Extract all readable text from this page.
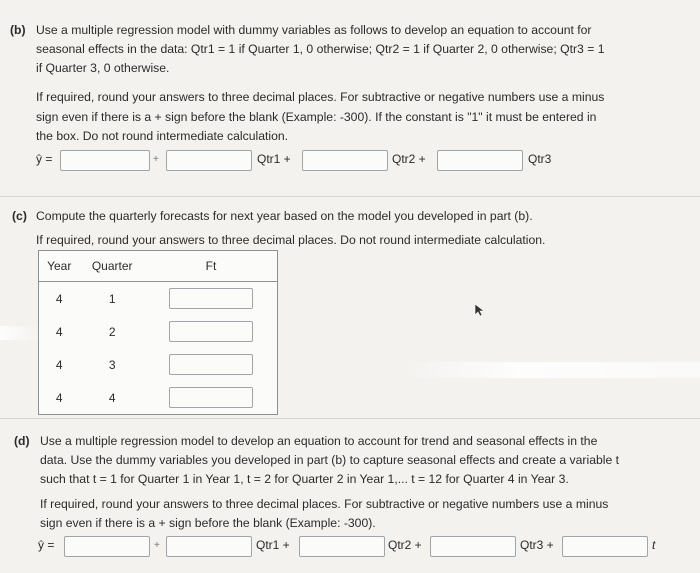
(b) Use a multiple regression model with dummy variables as follows to develop an equation to account for
seasonal effects in the data: Qtr1 = 1 if Quarter 1, 0 otherwise; Qtr2 = 1 if Quarter 2, 0 otherwise; Qtr3 = 1
if Quarter 3, 0 otherwise.
If required, round your answers to three decimal places. For subtractive or negative numbers use a minus
sign even if there is a + sign before the blank (Example: -300). If the constant is "1" it must be entered in
the box. Do not round intermediate calculation.
ŷ =	+	Qtr1 +	Qtr2 +	Qtr3
(c) Compute the quarterly forecasts for next year based on the model you developed in part (b).
If required, round your answers to three decimal places. Do not round intermediate calculation.
Year	Quarter	Ft
4	1	
4	2	
4	3	
4	4	
(d) Use a multiple regression model to develop an equation to account for trend and seasonal effects in the
data. Use the dummy variables you developed in part (b) to capture seasonal effects and create a variable t
such that t = 1 for Quarter 1 in Year 1, t = 2 for Quarter 2 in Year 1,... t = 12 for Quarter 4 in Year 3.
If required, round your answers to three decimal places. For subtractive or negative numbers use a minus
sign even if there is a + sign before the blank (Example: -300).
ŷ =	+	Qtr1 +	Qtr2 +	Qtr3 +	t
